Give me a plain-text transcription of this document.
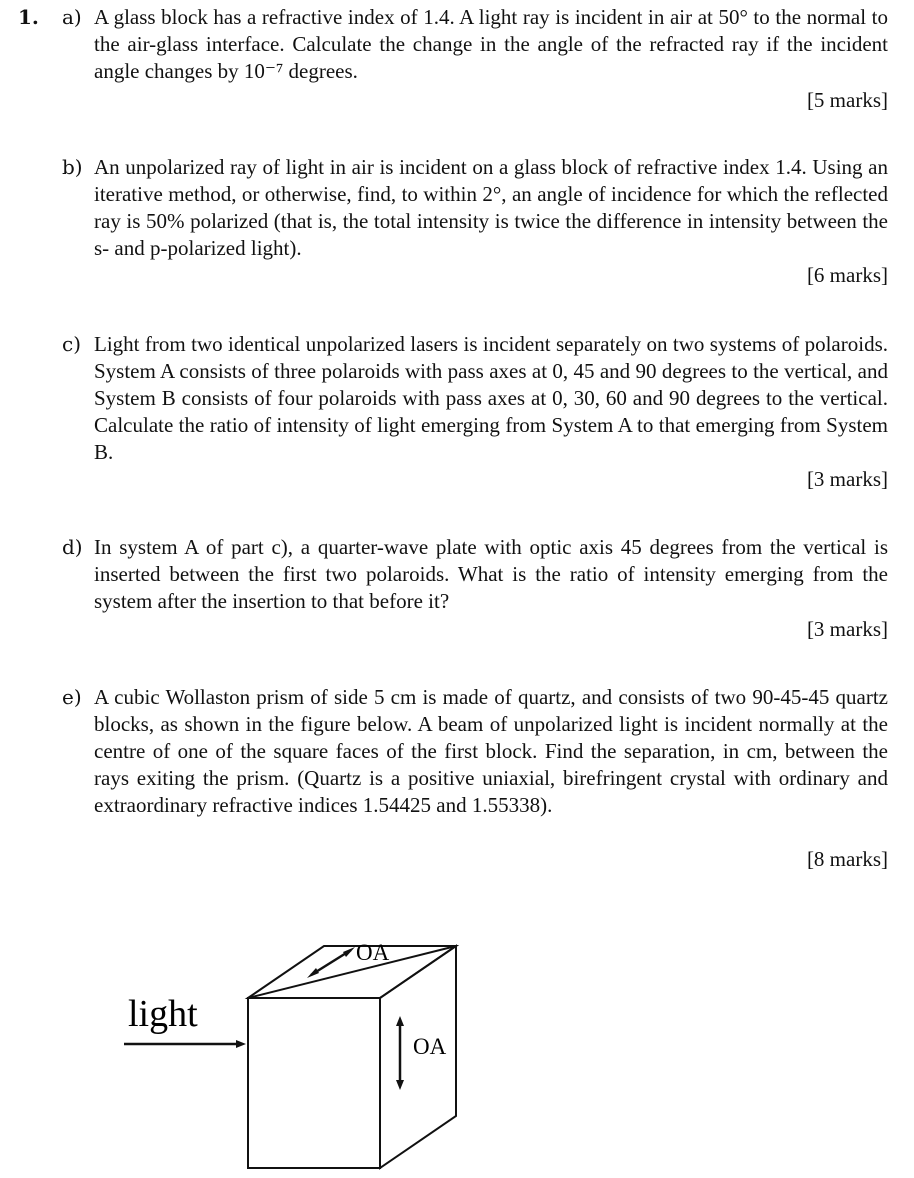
1. a) A glass block has a refractive index of 1.4. A light ray is incident in air at 50° to the normal to the air-glass interface. Calculate the change in the angle of the refracted ray if the incident angle changes by 10⁻⁷ degrees.
[5 marks]
b) An unpolarized ray of light in air is incident on a glass block of refractive index 1.4. Using an iterative method, or otherwise, find, to within 2°, an angle of incidence for which the reflected ray is 50% polarized (that is, the total intensity is twice the difference in intensity between the s- and p-polarized light).
[6 marks]
c) Light from two identical unpolarized lasers is incident separately on two systems of polaroids. System A consists of three polaroids with pass axes at 0, 45 and 90 degrees to the vertical, and System B consists of four polaroids with pass axes at 0, 30, 60 and 90 degrees to the vertical. Calculate the ratio of intensity of light emerging from System A to that emerging from System B.
[3 marks]
d) In system A of part c), a quarter-wave plate with optic axis 45 degrees from the vertical is inserted between the first two polaroids. What is the ratio of intensity emerging from the system after the insertion to that before it?
[3 marks]
e) A cubic Wollaston prism of side 5 cm is made of quartz, and consists of two 90-45-45 quartz blocks, as shown in the figure below. A beam of unpolarized light is incident normally at the centre of one of the square faces of the first block. Find the separation, in cm, between the rays exiting the prism. (Quartz is a positive uniaxial, birefringent crystal with ordinary and extraordinary refractive indices 1.54425 and 1.55338).
[8 marks]
light
OA
OA
